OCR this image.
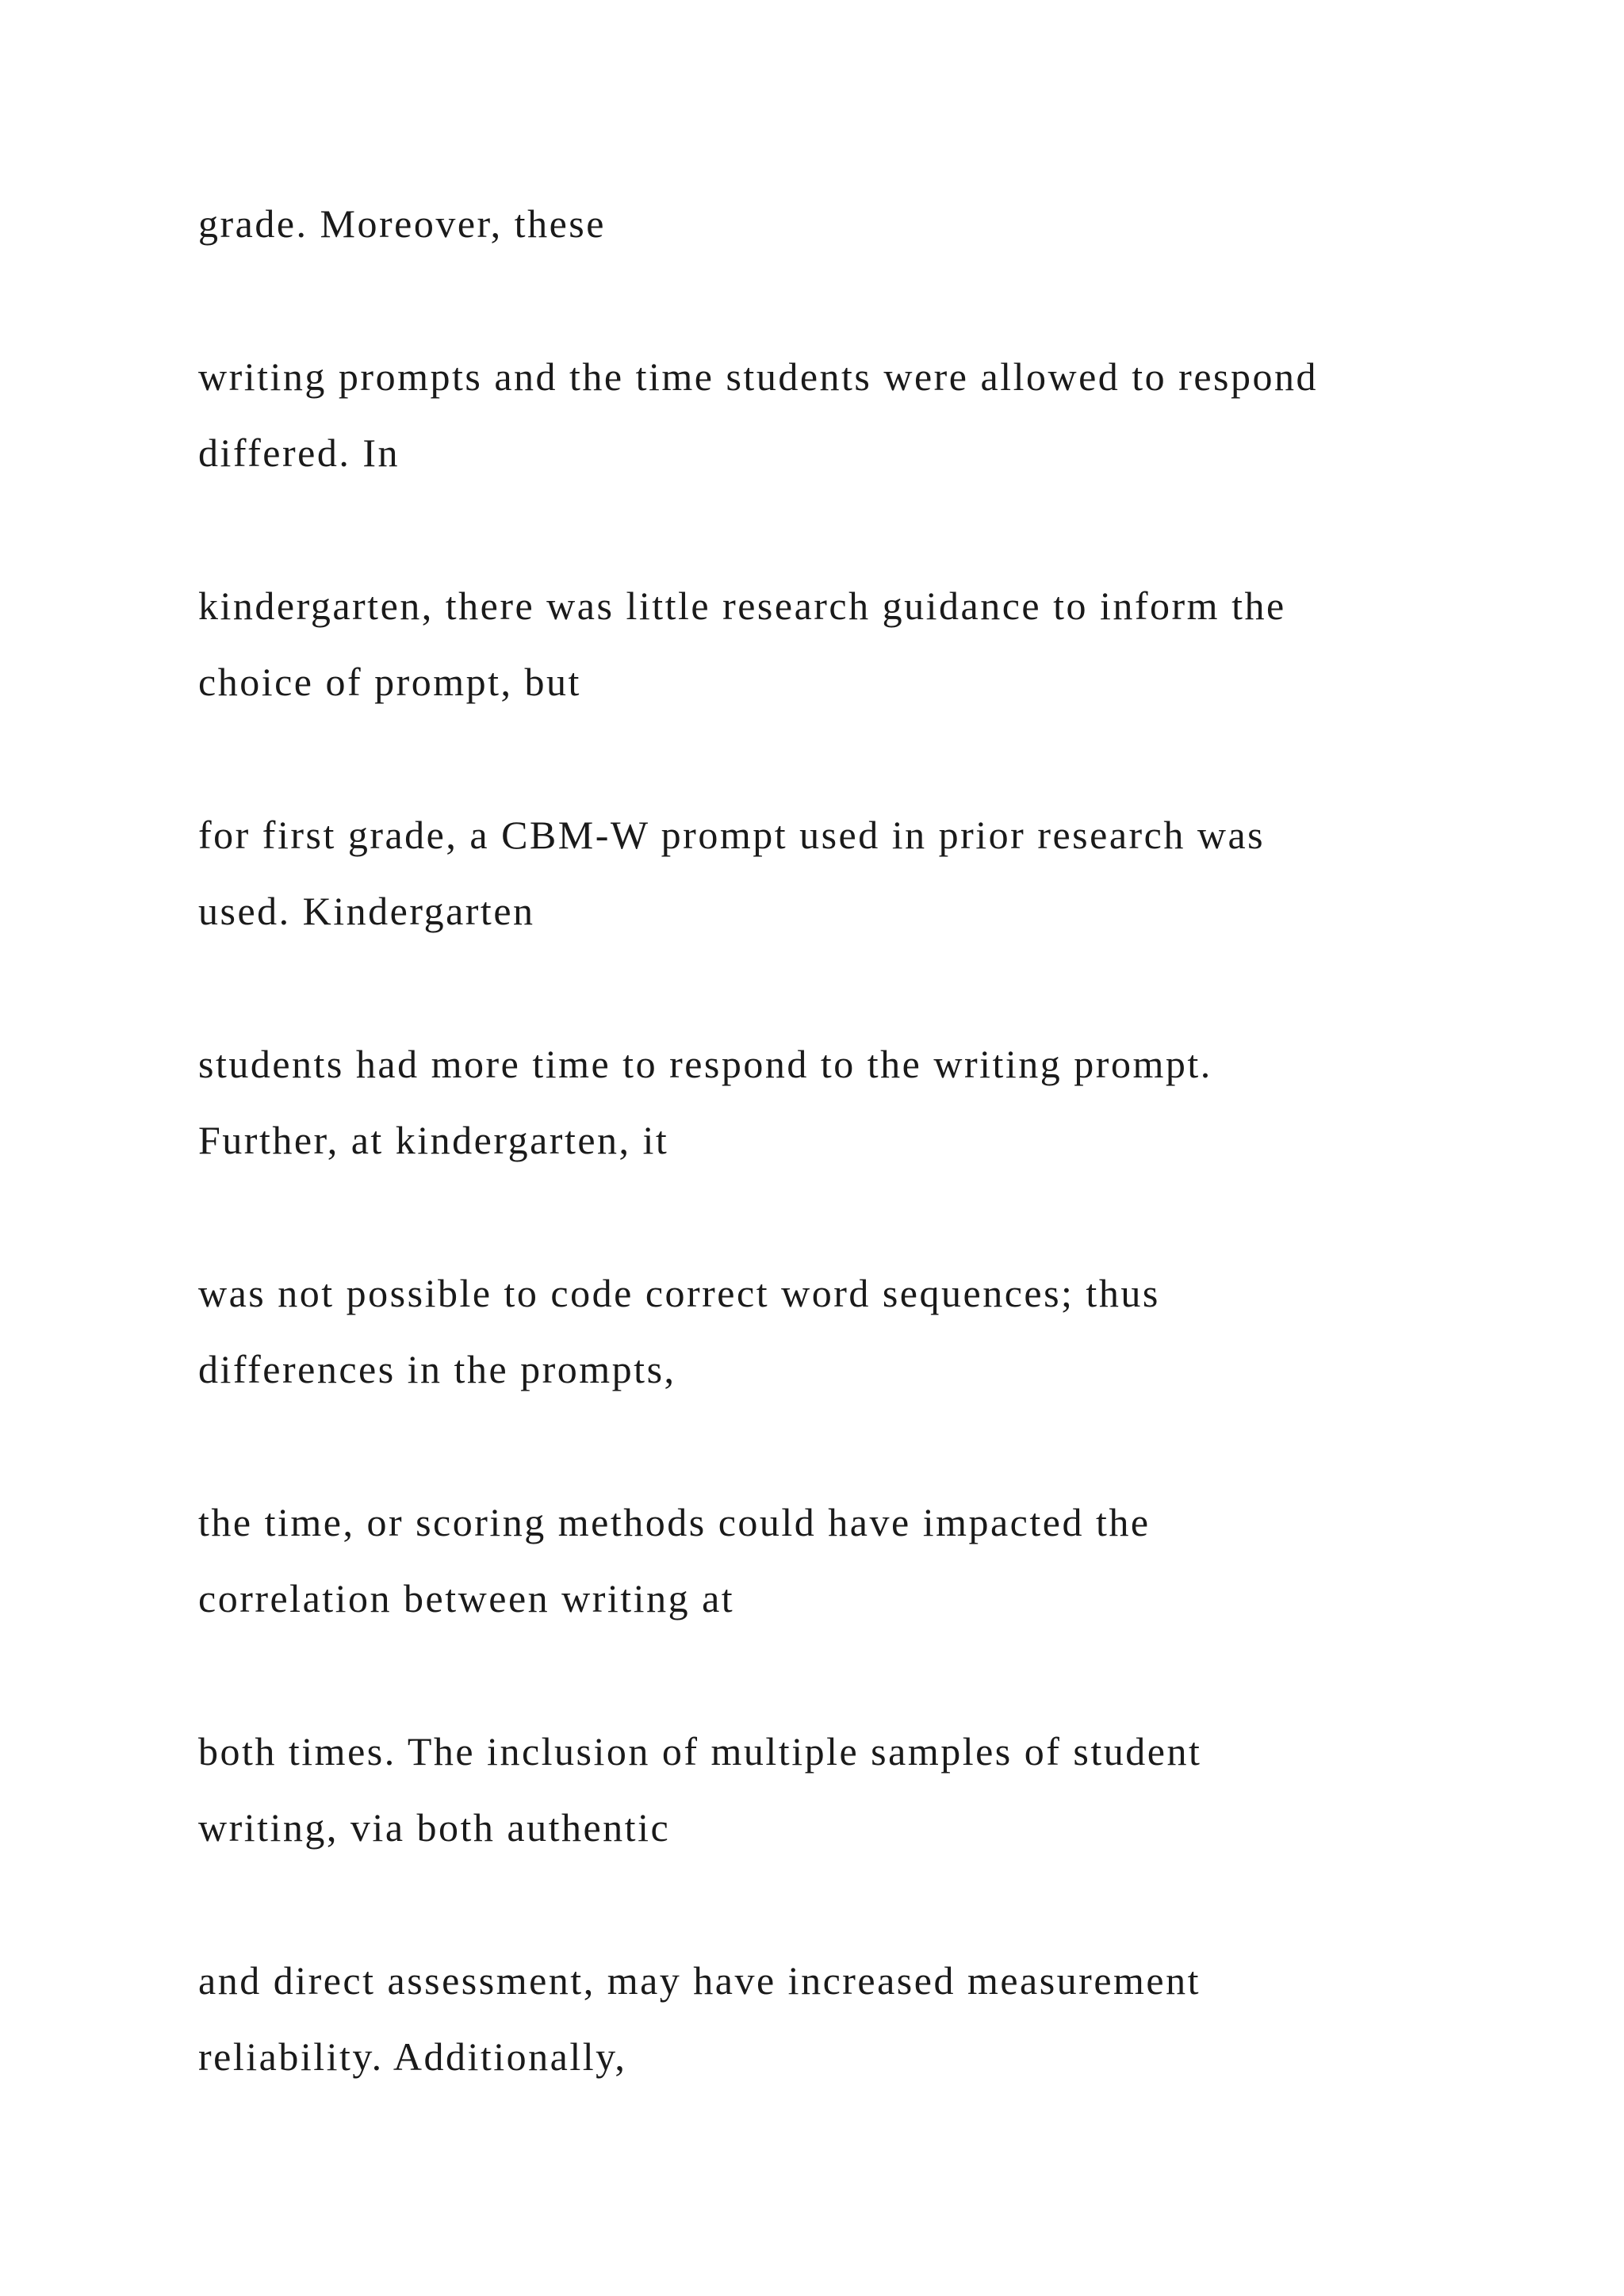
grade. Moreover, these

writing prompts and the time students were allowed to respond
differed. In

kindergarten, there was little research guidance to inform the
choice of prompt, but

for first grade, a CBM-W prompt used in prior research was
used. Kindergarten

students had more time to respond to the writing prompt.
Further, at kindergarten, it

was not possible to code correct word sequences; thus
differences in the prompts,

the time, or scoring methods could have impacted the
correlation between writing at

both times. The inclusion of multiple samples of student
writing, via both authentic

and direct assessment, may have increased measurement
reliability. Additionally,
